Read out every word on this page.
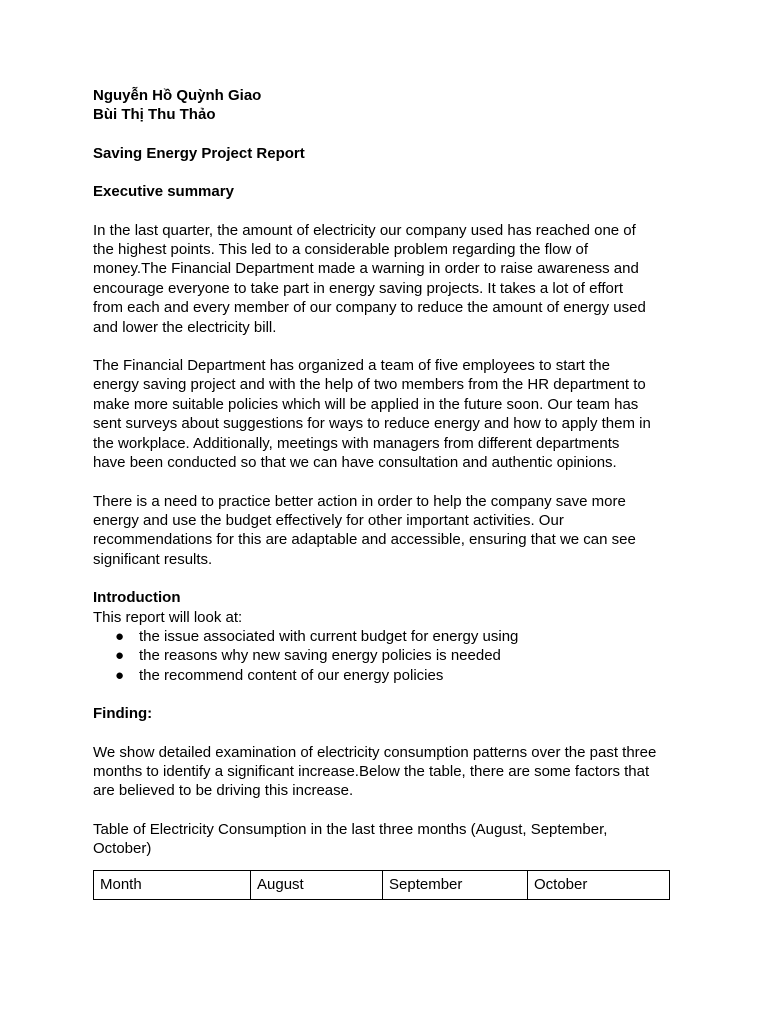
Nguyễn Hồ Quỳnh Giao
Bùi Thị Thu Thảo
Saving Energy Project Report
Executive summary

In the last quarter, the amount of electricity our company used has reached one of
the highest points. This led to a considerable problem regarding the flow of
money.The Financial Department made a warning in order to raise awareness and
encourage everyone to take part in energy saving projects. It takes a lot of effort
from each and every member of our company to reduce the amount of energy used
and lower the electricity bill.

The Financial Department has organized a team of five employees to start the
energy saving project and with the help of two members from the HR department to
make more suitable policies which will be applied in the future soon. Our team has
sent surveys about suggestions for ways to reduce energy and how to apply them in
the workplace. Additionally, meetings with managers from different departments
have been conducted so that we can have consultation and authentic opinions.

There is a need to practice better action in order to help the company save more
energy and use the budget effectively for other important activities. Our
recommendations for this are adaptable and accessible, ensuring that we can see
significant results.

Introduction
This report will look at:
● the issue associated with current budget for energy using
● the reasons why new saving energy policies is needed
● the recommend content of our energy policies
Finding:

We show detailed examination of electricity consumption patterns over the past three
months to identify a significant increase.Below the table, there are some factors that
are believed to be driving this increase.

Table of Electricity Consumption in the last three months (August, September,
October)

Month	August	September	October
